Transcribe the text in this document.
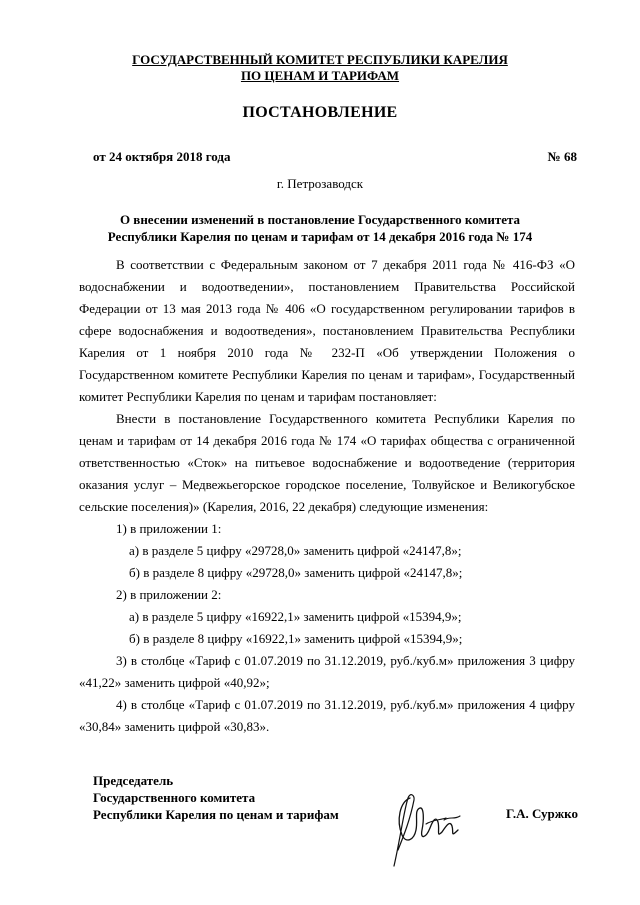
ГОСУДАРСТВЕННЫЙ КОМИТЕТ РЕСПУБЛИКИ КАРЕЛИЯ
ПО ЦЕНАМ И ТАРИФАМ
ПОСТАНОВЛЕНИЕ
от 24 октября 2018 года	№ 68
г. Петрозаводск
О внесении изменений в постановление Государственного комитета
Республики Карелия по ценам и тарифам от 14 декабря 2016 года № 174

В соответствии с Федеральным законом от 7 декабря 2011 года № 416-ФЗ «О водоснабжении и водоотведении», постановлением Правительства Российской Федерации от 13 мая 2013 года № 406 «О государственном регулировании тарифов в сфере водоснабжения и водоотведения», постановлением Правительства Республики Карелия от 1 ноября 2010 года № 232-П «Об утверждении Положения о Государственном комитете Республики Карелия по ценам и тарифам», Государственный комитет Республики Карелия по ценам и тарифам постановляет:

Внести в постановление Государственного комитета Республики Карелия по ценам и тарифам от 14 декабря 2016 года № 174 «О тарифах общества с ограниченной ответственностью «Сток» на питьевое водоснабжение и водоотведение (территория оказания услуг – Медвежьегорское городское поселение, Толвуйское и Великогубское сельские поселения)» (Карелия, 2016, 22 декабря) следующие изменения:

1) в приложении 1:

а) в разделе 5 цифру «29728,0» заменить цифрой «24147,8»;

б) в разделе 8 цифру «29728,0» заменить цифрой «24147,8»;

2) в приложении 2:

а) в разделе 5 цифру «16922,1» заменить цифрой «15394,9»;

б) в разделе 8 цифру «16922,1» заменить цифрой «15394,9»;

3) в столбце «Тариф с 01.07.2019 по 31.12.2019, руб./куб.м» приложения 3 цифру «41,22» заменить цифрой «40,92»;

4) в столбце «Тариф с 01.07.2019 по 31.12.2019, руб./куб.м» приложения 4 цифру «30,84» заменить цифрой «30,83».

Председатель
Государственного комитета
Республики Карелия по ценам и тарифам	Г.А. Суржко
